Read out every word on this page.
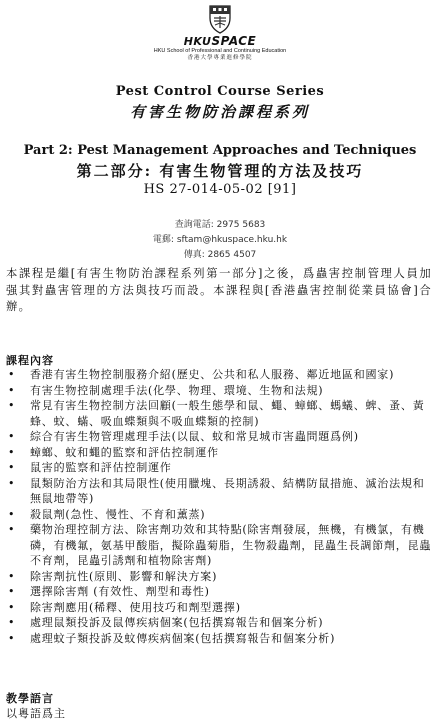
HKUSPACE
HKU School of Professional and Continuing Education
香港大學專業進修學院
Pest Control Course Series
有害生物防治課程系列
Part 2: Pest Management Approaches and Techniques
第二部分: 有害生物管理的方法及技巧
HS 27-014-05-02 [91]
查詢電話: 2975 5683
電郵: sftam@hkuspace.hku.hk
傳真: 2865 4507
本課程是繼[有害生物防治課程系列第一部分]之後，爲蟲害控制管理人員加强其對蟲害管理的方法與技巧而設。本課程與[香港蟲害控制從業員協會]合辦。
課程內容
• 香港有害生物控制服務介紹(歷史、公共和私人服務、鄰近地區和國家)
• 有害生物控制處理手法(化學、物理、環境、生物和法規)
• 常見有害生物控制方法回顧(一般生態學和鼠、蠅、蟑螂、螞蟻、蜱、蚤、黃蜂、蚊、蟎、吸血蝶類與不吸血蝶類的控制)
• 綜合有害生物管理處理手法(以鼠、蚊和常見城市害蟲問題爲例)
• 蟑螂、蚊和蠅的監察和評估控制運作
• 鼠害的監察和評估控制運作
• 鼠類防治方法和其局限性(使用臘塊、長期誘殺、結構防鼠措施、滅治法規和無鼠地帶等)
• 殺鼠劑(急性、慢性、不育和薰蒸)
• 藥物治理控制方法、除害劑功效和其特點(除害劑發展，無機，有機氯，有機磷，有機氟，氨基甲酸脂，擬除蟲菊脂，生物殺蟲劑，昆蟲生長調節劑，昆蟲不育劑，昆蟲引誘劑和植物除害劑)
• 除害劑抗性(原則、影響和解決方案)
• 選擇除害劑 (有效性、劑型和毒性)
• 除害劑應用(稀釋、使用技巧和劑型選擇)
• 處理鼠類投訴及鼠傳疾病個案(包括撰寫報告和個案分析)
• 處理蚊子類投訴及蚊傳疾病個案(包括撰寫報告和個案分析)
教學語言
以粵語爲主
